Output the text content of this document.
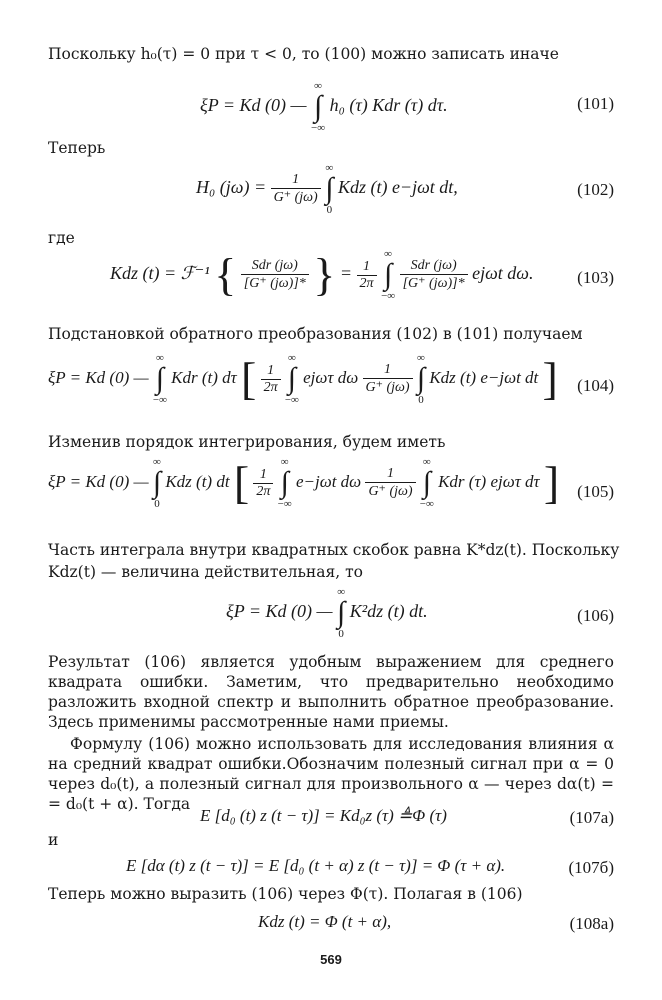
Поскольку h₀(τ) = 0 при τ < 0, то (100) можно записать иначе
ξP = Kd (0) —
∞
∫
−∞
h₀ (τ) Kdr (τ) dτ.	(101)
Теперь
H₀ $(j\omega) = \frac{1}{G^+ (j\omega)}$

∞
∫
0
Kdz (t) e−jωt dt,	(102)
где
Kdz (t) = ℱ⁻¹ { $\frac{\text{Sdr (jω)}}{[G^+ (j\omega)]*}$ } = $\frac{1}{2\pi}$

∞
∫
−∞

$\frac{\text{Sdr (jω)}}{[G^+ (j\omega)]*}$ ejωt dω.	(103)
Подстановкой обратного преобразования (102) в (101) получаем
ξP = Kd (0) —
∞
∫
−∞
Kdr (t) dτ [ $\frac{1}{2\pi}$

∞
∫
−∞
ejωτ dω $\frac{1}{G^+ (j\omega)}$

∞
∫
0
Kdz (t) e−jωt dt ] (104)
Изменив порядок интегрирования, будем иметь
ξP = Kd (0) —
∞
∫
0
Kdz (t) dt [ $\frac{1}{2\pi}$

∞
∫
−∞
e−jωt dω $\frac{1}{G^+ (j\omega)}$

∞
∫
−∞
Kdr (τ) ejωτ dτ ] (105)
Часть интеграла внутри квадратных скобок равна K*dz(t). Поскольку
Kdz(t) — величина действительная, то
ξP = Kd (0) —
∞
∫
0
K²dz (t) dt.	(106)
Результат (106) является удобным выражением для среднего квадрата ошибки. Заметим, что предварительно необходимо разложить входной спектр и выполнить обратное преобразование. Здесь применимы рассмотренные нами приемы.
Формулу (106) можно использовать для исследования влияния α на средний квадрат ошибки.Обозначим полезный сигнал при α = 0 через d₀(t), а полезный сигнал для произвольного α — через dα(t) = = d₀(t + α). Тогда
E [d₀ (t) z (t − τ)] = Kd₀z (τ) ≜Φ (τ)	(107a)
и
E [dα (t) z (t − τ)] = E [d₀ (t + α) z (t − τ)] = Φ (τ + α).	(107б)
Теперь можно выразить (106) через Φ(τ). Полагая в (106)
Kdz (t) = Φ (t + α),	(108a)
569
